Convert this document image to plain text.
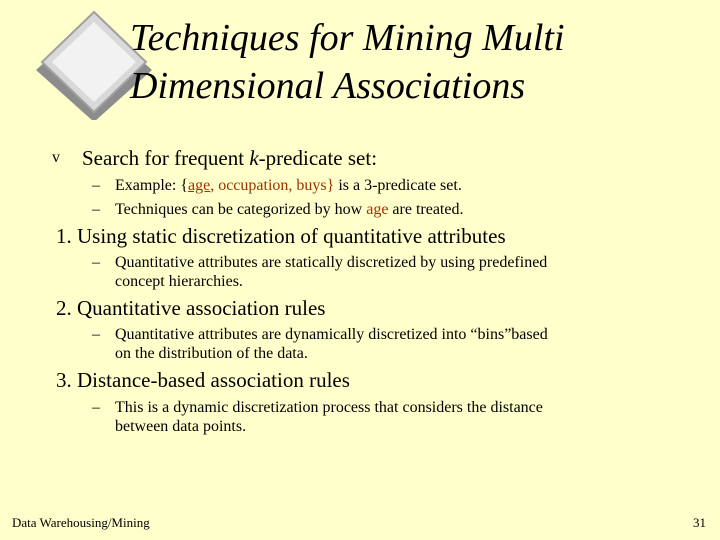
Techniques for Mining Multi
Dimensional Associations
v Search for frequent k-predicate set:
– Example: {age, occupation, buys} is a 3-predicate set.
– Techniques can be categorized by how age are treated.
1. Using static discretization of quantitative attributes
– Quantitative attributes are statically discretized by using predefined
concept hierarchies.
2. Quantitative association rules
– Quantitative attributes are dynamically discretized into “bins”based
on the distribution of the data.
3. Distance-based association rules
– This is a dynamic discretization process that considers the distance
between data points.
Data Warehousing/Mining	31
